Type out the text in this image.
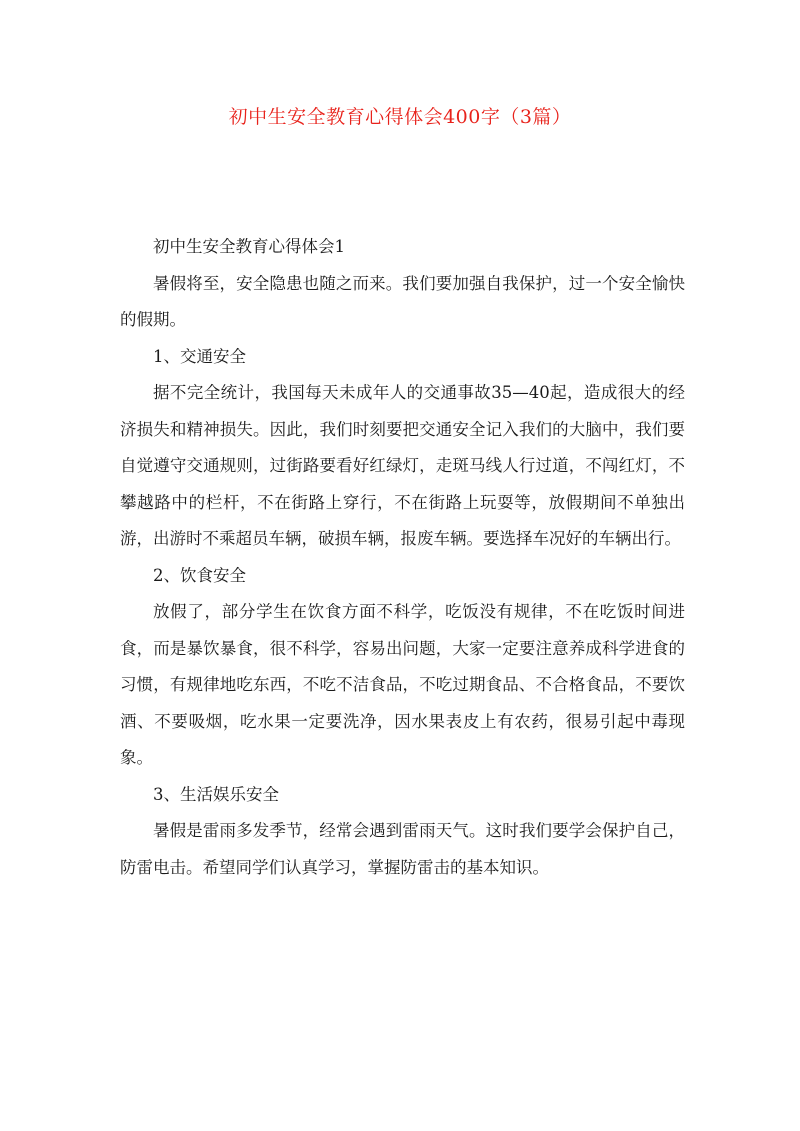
初中生安全教育心得体会400字（3篇）

初中生安全教育心得体会1

暑假将至，安全隐患也随之而来。我们要加强自我保护，过一个安全愉快的假期。

1、交通安全

据不完全统计，我国每天未成年人的交通事故35—40起，造成很大的经济损失和精神损失。因此，我们时刻要把交通安全记入我们的大脑中，我们要自觉遵守交通规则，过街路要看好红绿灯，走斑马线人行过道，不闯红灯，不攀越路中的栏杆，不在街路上穿行，不在街路上玩耍等，放假期间不单独出游，出游时不乘超员车辆，破损车辆，报废车辆。要选择车况好的车辆出行。

2、饮食安全

放假了，部分学生在饮食方面不科学，吃饭没有规律，不在吃饭时间进食，而是暴饮暴食，很不科学，容易出问题，大家一定要注意养成科学进食的习惯，有规律地吃东西，不吃不洁食品，不吃过期食品、不合格食品，不要饮酒、不要吸烟，吃水果一定要洗净，因水果表皮上有农药，很易引起中毒现象。

3、生活娱乐安全

暑假是雷雨多发季节，经常会遇到雷雨天气。这时我们要学会保护自己，防雷电击。希望同学们认真学习，掌握防雷击的基本知识。
